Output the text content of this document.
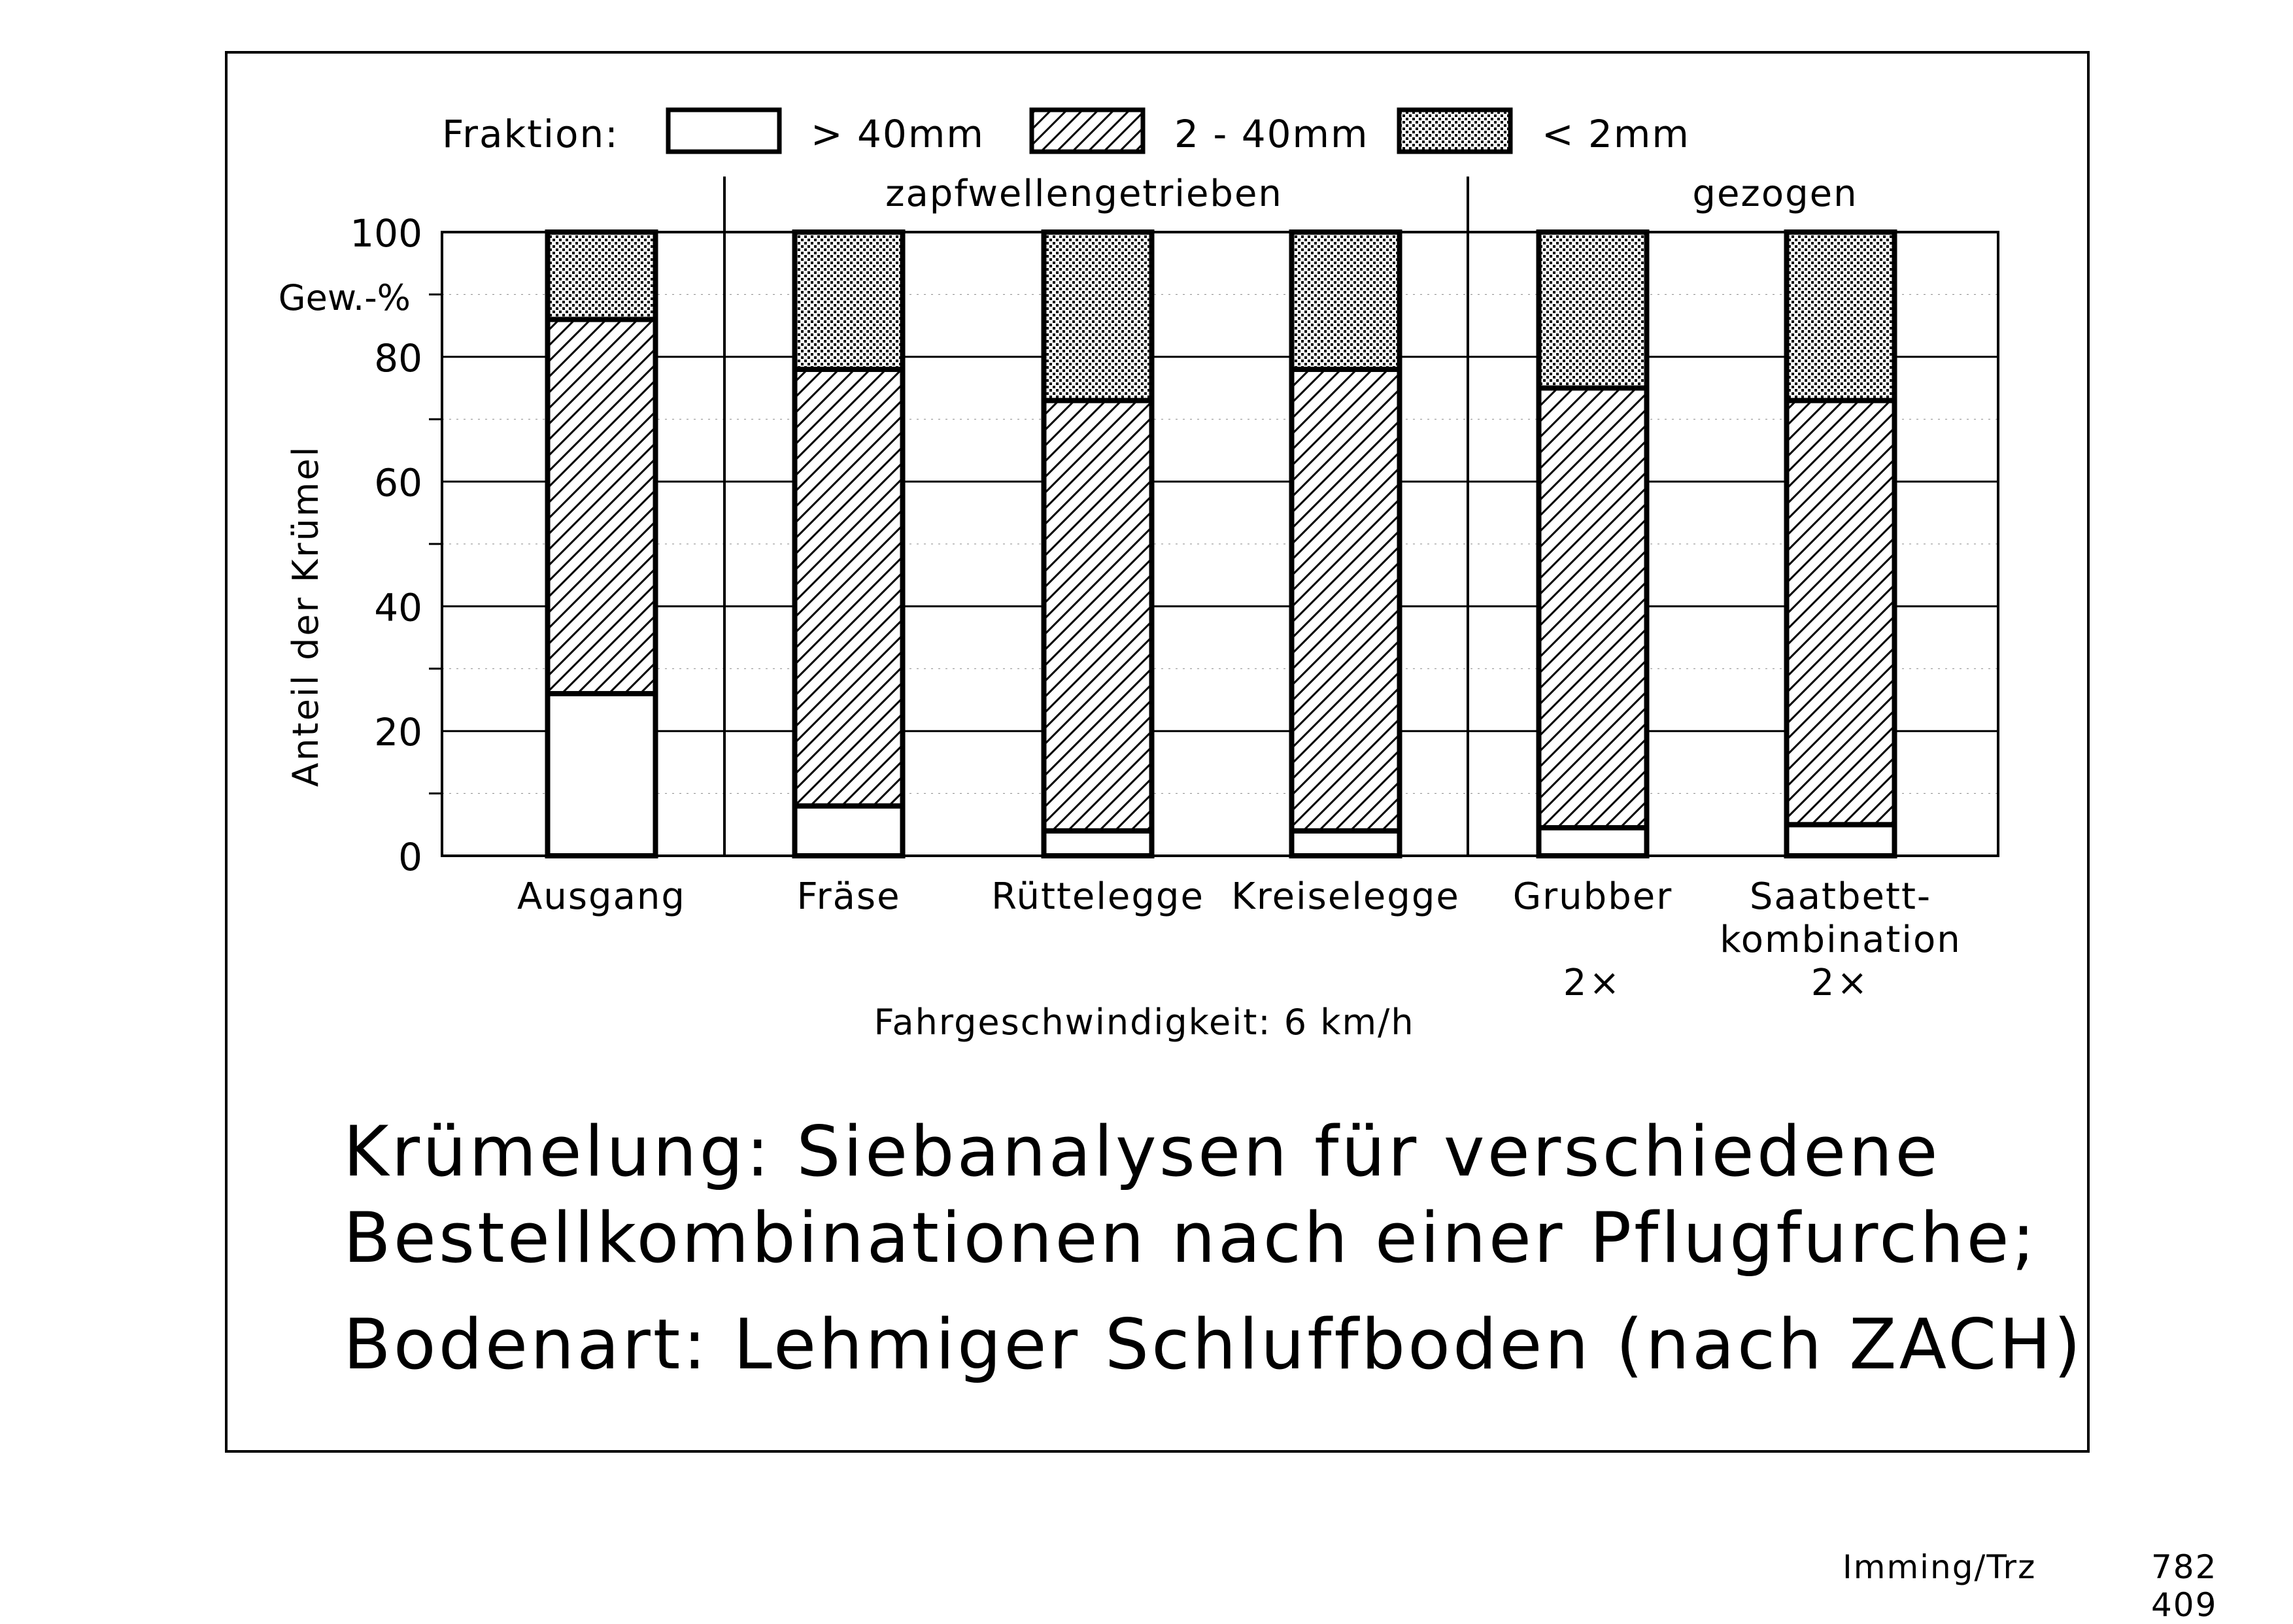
Fraktion:	> 40mm	2 - 40mm	< 2mm
zapfwellengetrieben	gezogen
0
20
40
60
80
100
Gew.-%
Anteil der Krümel
Ausgang	Fräse Rüttelegge Kreiselegge Grubber
2×
Saatbett-
kombination
2×
Fahrgeschwindigkeit: 6 km/h
Krümelung: Siebanalysen für verschiedene
Bestellkombinationen nach einer Pflugfurche;
Bodenart: Lehmiger Schluffboden (nach ZACH)
Imming/Trz	782 409
